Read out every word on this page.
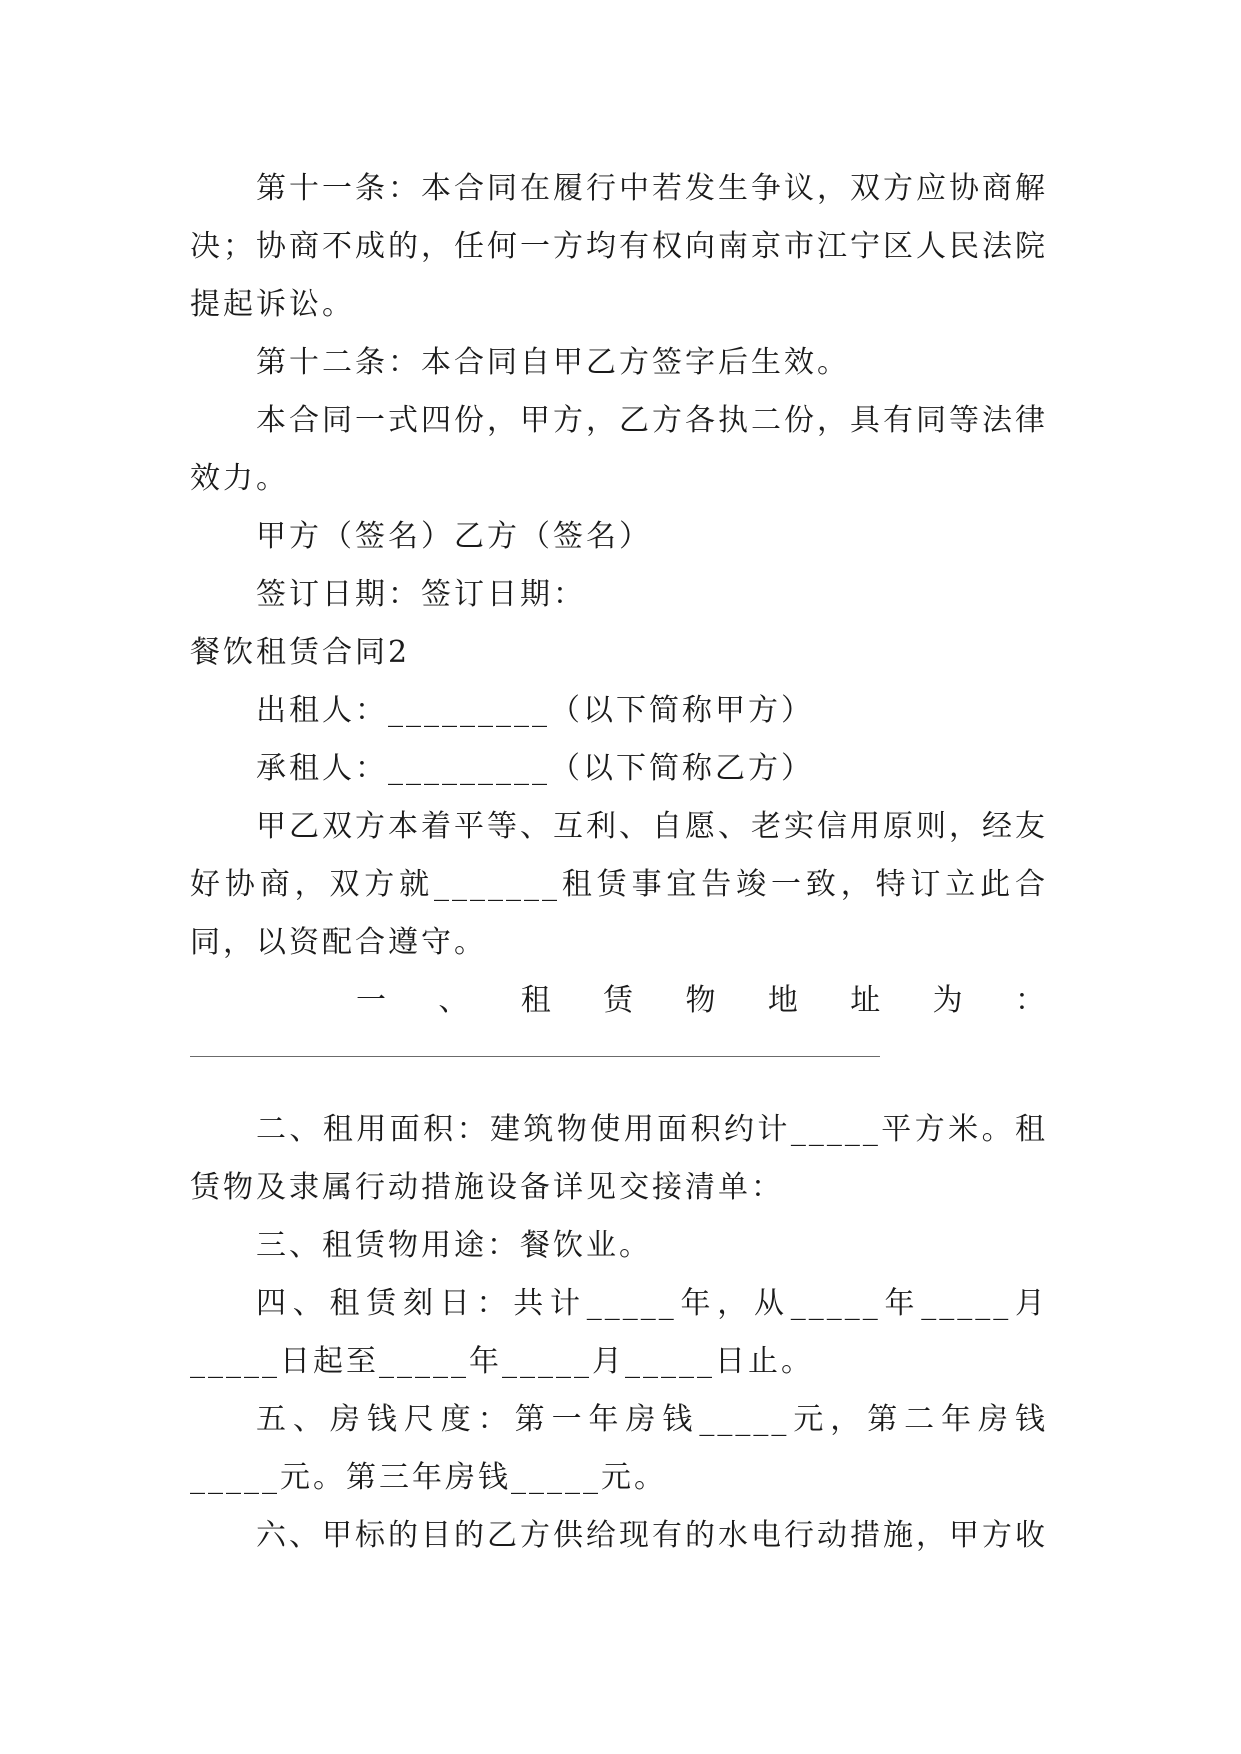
第十一条：本合同在履行中若发生争议，双方应协商解决；协商不成的，任何一方均有权向南京市江宁区人民法院提起诉讼。

第十二条：本合同自甲乙方签字后生效。

本合同一式四份，甲方，乙方各执二份，具有同等法律效力。

甲方（签名）乙方（签名）

签订日期：签订日期：

餐饮租赁合同2

出租人：_________（以下简称甲方）

承租人：_________（以下简称乙方）

甲乙双方本着平等、互利、自愿、老实信用原则，经友好协商，双方就_______租赁事宜告竣一致，特订立此合同，以资配合遵守。

一 、 租 赁 物 地 址 为 ：

二、租用面积：建筑物使用面积约计_____平方米。租赁物及隶属行动措施设备详见交接清单：

三、租赁物用途：餐饮业。

四、租赁刻日：共计_____年，从_____年_____月_____日起至_____年_____月_____日止。

五、房钱尺度：第一年房钱_____元，第二年房钱_____元。第三年房钱_____元。

六、甲标的目的乙方供给现有的水电行动措施，甲方收
